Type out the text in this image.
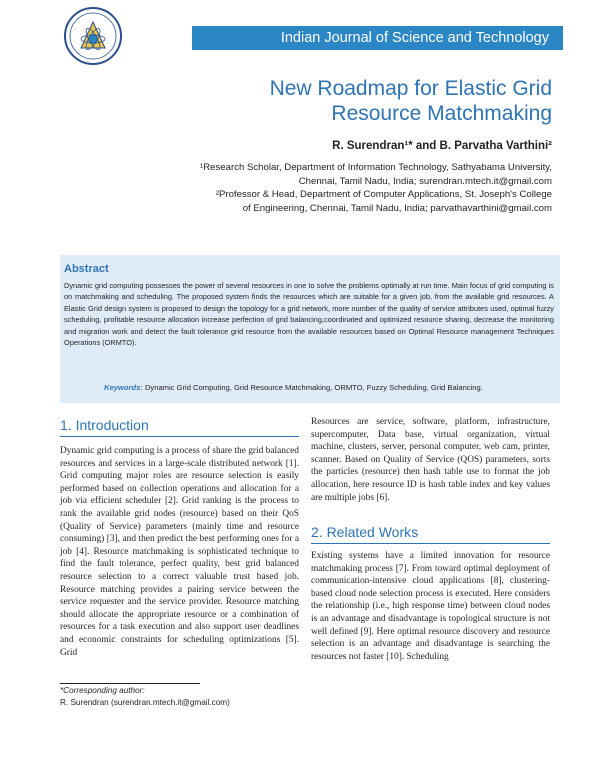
Indian Journal of Science and Technology
New Roadmap for Elastic Grid
Resource Matchmaking
R. Surendran¹* and B. Parvatha Varthini²
¹Research Scholar, Department of Information Technology, Sathyabama University,
Chennai, Tamil Nadu, India; surendran.mtech.it@gmail.com
²Professor & Head, Department of Computer Applications, St. Joseph's College
of Engineering, Chennai, Tamil Nadu, India; parvathavarthini@gmail.com
Abstract
Dynamic grid computing possesses the power of several resources in one to solve the problems optimally at run time. Main focus of grid computing is on matchmaking and scheduling. The proposed system finds the resources which are suitable for a given job, from the available grid resources. A Elastic Grid design system is proposed to design the topology for a grid network, more number of the quality of service attributes used, optimal fuzzy scheduling, profitable resource allocation increase perfection of grid balancing,coordinated and optimized resource sharing, decrease the monitoring and migration work and detect the fault tolerance grid resource from the available resources based on Optimal Resource management Techniques Operations (ORMTO).
Keywords: Dynamic Grid Computing, Grid Resource Matchmaking, ORMTO, Fuzzy Scheduling, Grid Balancing.
1. Introduction

Dynamic grid computing is a process of share the grid balanced resources and services in a large-scale distributed network [1]. Grid computing major roles are resource selection is easily performed based on collection operations and allocation for a job via efficient scheduler [2]. Grid ranking is the process to rank the available grid nodes (resource) based on their QoS (Quality of Service) parameters (mainly time and resource consuming) [3], and then predict the best performing ones for a job [4]. Resource matchmaking is sophisticated technique to find the fault tolerance, perfect quality, best grid balanced resource selection to a correct valuable trust based job. Resource matching provides a pairing service between the service requester and the service provider. Resource matching should allocate the appropriate resource or a combination of resources for a task execution and also support user deadlines and economic constraints for scheduling optimizations [5]. Grid

Resources are service, software, platform, infrastructure, supercomputer, Data base, virtual organization, virtual machine, clusters, server, personal computer, web cam, printer, scanner. Based on Quality of Service (QOS) parameters, sorts the particles (resource) then hash table use to format the job allocation, here resource ID is hash table index and key values are multiple jobs [6].

2. Related Works

Existing systems have a limited innovation for resource matchmaking process [7]. From toward optimal deployment of communication-intensive cloud applications [8], clustering-based cloud node selection process is executed. Here considers the relationship (i.e., high response time) between cloud nodes is an advantage and disadvantage is topological structure is not well defined [9]. Here optimal resource discovery and resource selection is an advantage and disadvantage is searching the resources not faster [10]. Scheduling

*Corresponding author:
R. Surendran (surendran.mtech.it@gmail.com)
